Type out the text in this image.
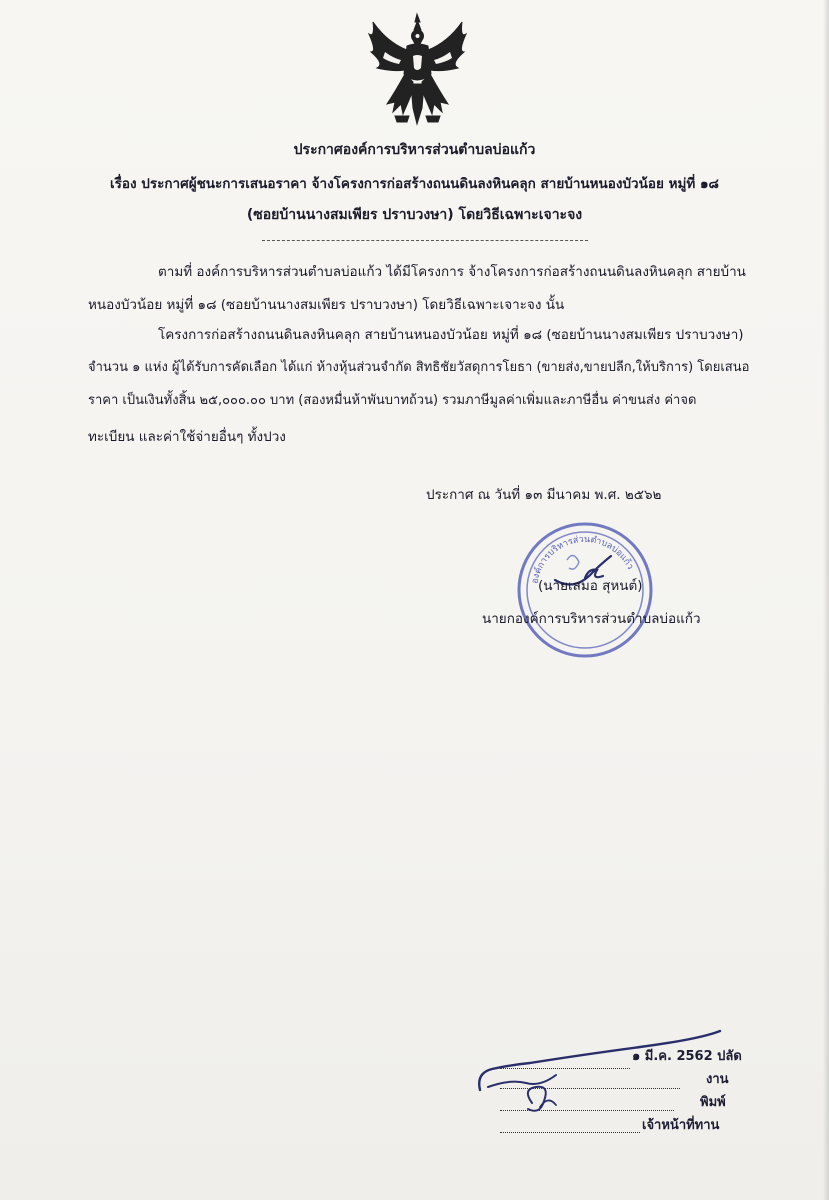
ประกาศองค์การบริหารส่วนตำบลบ่อแก้ว
เรื่อง ประกาศผู้ชนะการเสนอราคา จ้างโครงการก่อสร้างถนนดินลงหินคลุก สายบ้านหนองบัวน้อย หมู่ที่ ๑๘
(ซอยบ้านนางสมเพียร ปราบวงษา) โดยวิธีเฉพาะเจาะจง
ตามที่ องค์การบริหารส่วนตำบลบ่อแก้ว ได้มีโครงการ จ้างโครงการก่อสร้างถนนดินลงหินคลุก สายบ้าน
หนองบัวน้อย หมู่ที่ ๑๘ (ซอยบ้านนางสมเพียร ปราบวงษา) โดยวิธีเฉพาะเจาะจง นั้น
โครงการก่อสร้างถนนดินลงหินคลุก สายบ้านหนองบัวน้อย หมู่ที่ ๑๘ (ซอยบ้านนางสมเพียร ปราบวงษา)
จำนวน ๑ แห่ง ผู้ได้รับการคัดเลือก ได้แก่ ห้างหุ้นส่วนจำกัด สิทธิชัยวัสดุการโยธา (ขายส่ง,ขายปลีก,ให้บริการ) โดยเสนอ
ราคา เป็นเงินทั้งสิ้น ๒๕,๐๐๐.๐๐ บาท (สองหมื่นห้าพันบาทถ้วน) รวมภาษีมูลค่าเพิ่มและภาษีอื่น ค่าขนส่ง ค่าจด
ทะเบียน และค่าใช้จ่ายอื่นๆ ทั้งปวง
ประกาศ ณ วันที่ ๑๓ มีนาคม พ.ศ. ๒๕๖๒
องค์การบริหารส่วนตำบลบ่อแก้ว
(นายเสมอ สุหนต์)
นายกองค์การบริหารส่วนตำบลบ่อแก้ว
๑ มี.ค. 2562 ปลัด
งาน
พิมพ์
เจ้าหน้าที่ทาน
